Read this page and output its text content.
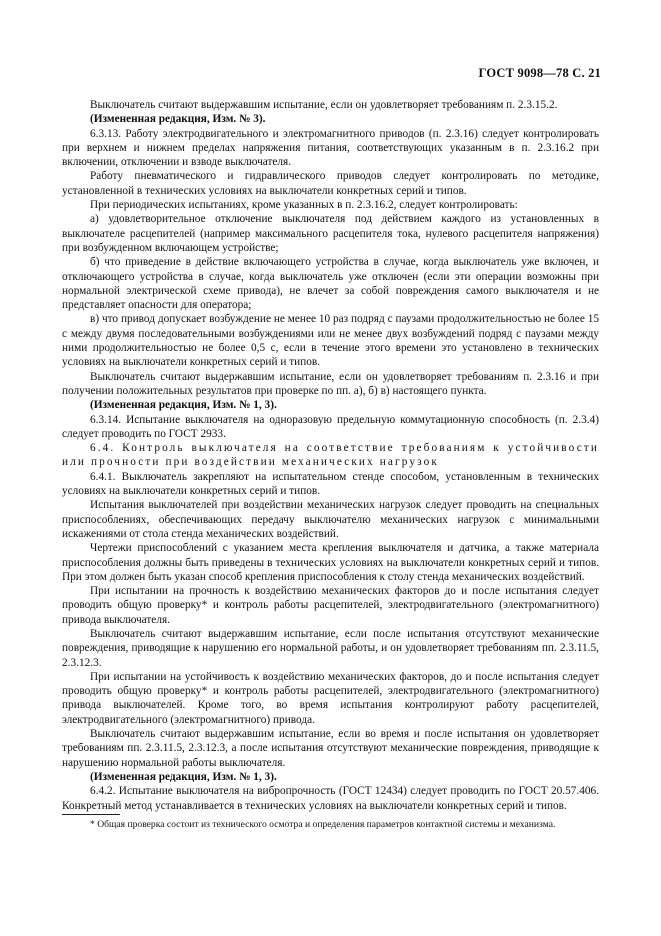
ГОСТ 9098—78 С. 21

Выключатель считают выдержавшим испытание, если он удовлетворяет требованиям п. 2.3.15.2.

(Измененная редакция, Изм. № 3).

6.3.13. Работу электродвигательного и электромагнитного приводов (п. 2.3.16) следует контролировать при верхнем и нижнем пределах напряжения питания, соответствующих указанным в п. 2.3.16.2 при включении, отключении и взводе выключателя.

Работу пневматического и гидравлического приводов следует контролировать по методике, установленной в технических условиях на выключатели конкретных серий и типов.

При периодических испытаниях, кроме указанных в п. 2.3.16.2, следует контролировать:

а) удовлетворительное отключение выключателя под действием каждого из установленных в выключателе расцепителей (например максимального расцепителя тока, нулевого расцепителя напряжения) при возбужденном включающем устройстве;

б) что приведение в действие включающего устройства в случае, когда выключатель уже включен, и отключающего устройства в случае, когда выключатель уже отключен (если эти операции возможны при нормальной электрической схеме привода), не влечет за собой повреждения самого выключателя и не представляет опасности для оператора;

в) что привод допускает возбуждение не менее 10 раз подряд с паузами продолжительностью не более 15 с между двумя последовательными возбуждениями или не менее двух возбуждений подряд с паузами между ними продолжительностью не более 0,5 с, если в течение этого времени это установлено в технических условиях на выключатели конкретных серий и типов.

Выключатель считают выдержавшим испытание, если он удовлетворяет требованиям п. 2.3.16 и при получении положительных результатов при проверке по пп. а), б) в) настоящего пункта.

(Измененная редакция, Изм. № 1, 3).

6.3.14. Испытание выключателя на одноразовую предельную коммутационную способность (п. 2.3.4) следует проводить по ГОСТ 2933.

6.4. Контроль выключателя на соответствие требованиям к устойчивости или прочности при воздействии механических нагрузок

6.4.1. Выключатель закрепляют на испытательном стенде способом, установленным в технических условиях на выключатели конкретных серий и типов.

Испытания выключателей при воздействии механических нагрузок следует проводить на специальных приспособлениях, обеспечивающих передачу выключателю механических нагрузок с минимальными искажениями от стола стенда механических воздействий.

Чертежи приспособлений с указанием места крепления выключателя и датчика, а также материала приспособления должны быть приведены в технических условиях на выключатели конкретных серий и типов. При этом должен быть указан способ крепления приспособления к столу стенда механических воздействий.

При испытании на прочность к воздействию механических факторов до и после испытания следует проводить общую проверку* и контроль работы расцепителей, электродвигательного (электромагнитного) привода выключателя.

Выключатель считают выдержавшим испытание, если после испытания отсутствуют механические повреждения, приводящие к нарушению его нормальной работы, и он удовлетворяет требованиям пп. 2.3.11.5, 2.3.12.3.

При испытании на устойчивость к воздействию механических факторов, до и после испытания следует проводить общую проверку* и контроль работы расцепителей, электродвигательного (электромагнитного) привода выключателей. Кроме того, во время испытания контролируют работу расцепителей, электродвигательного (электромагнитного) привода.

Выключатель считают выдержавшим испытание, если во время и после испытания он удовлетворяет требованиям пп. 2.3.11.5, 2.3.12.3, а после испытания отсутствуют механические повреждения, приводящие к нарушению нормальной работы выключателя.

(Измененная редакция, Изм. № 1, 3).

6.4.2. Испытание выключателя на вибропрочность (ГОСТ 12434) следует проводить по ГОСТ 20.57.406. Конкретный метод устанавливается в технических условиях на выключатели конкретных серий и типов.

* Общая проверка состоит из технического осмотра и определения параметров контактной системы и механизма.
